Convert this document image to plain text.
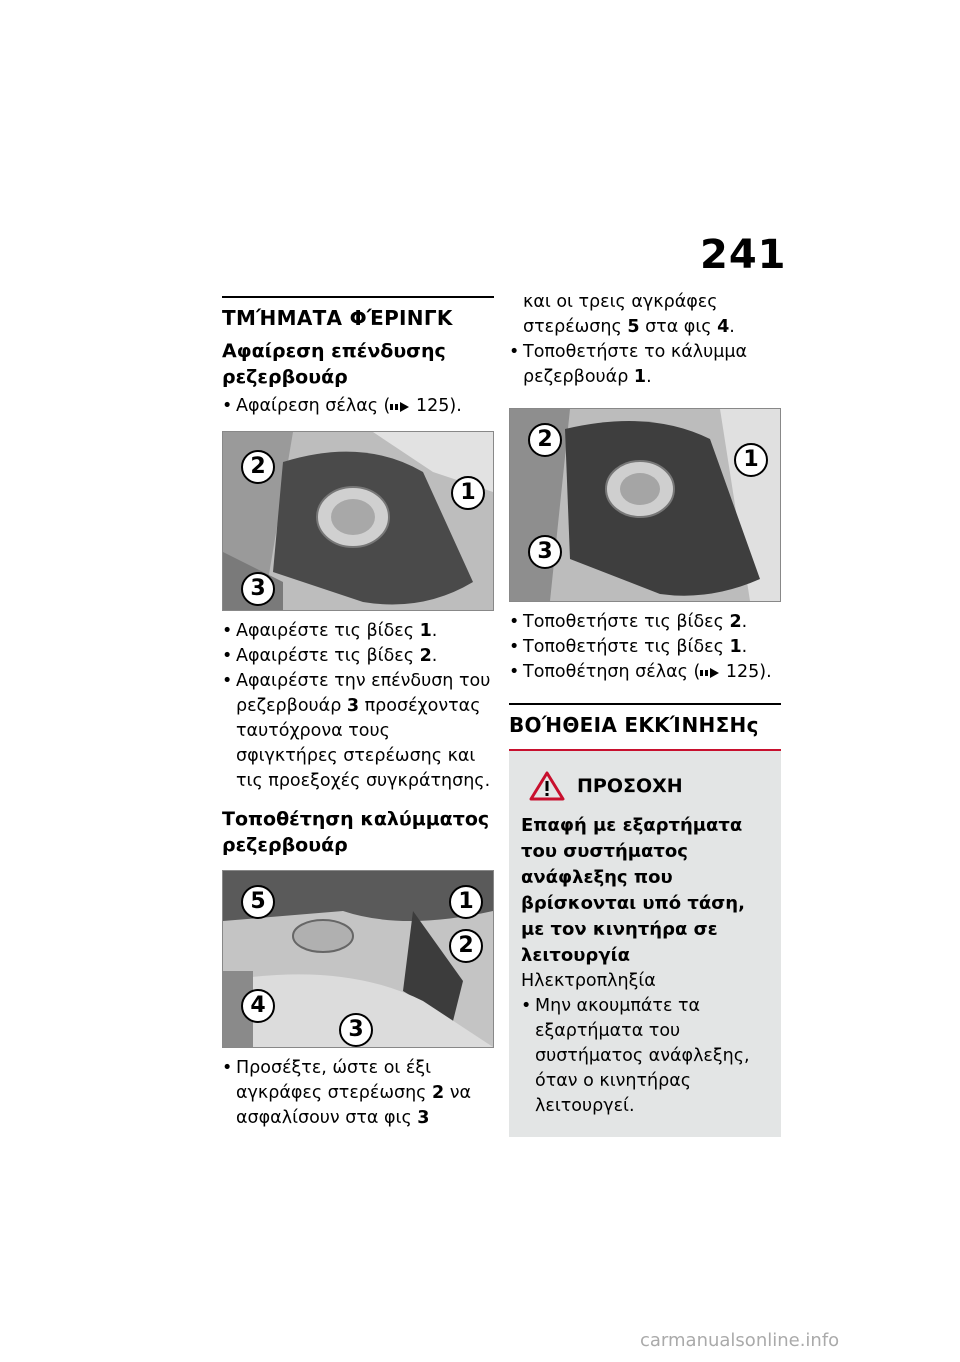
241
ΤΜΉΜΑΤΑ ΦΈΡΙΝΓΚ
Αφαίρεση επένδυσης ρεζερβουάρ

• Αφαίρεση σέλας ( 125).

2
1
3

• Αφαιρέστε τις βίδες 1.

• Αφαιρέστε τις βίδες 2.

• Αφαιρέστε την επένδυση του ρεζερβουάρ 3 προσέχοντας ταυτόχρονα τους σφιγκτήρες στερέωσης και τις προεξοχές συγκράτησης.

Τοποθέτηση καλύμματος ρεζερβουάρ
5	1
2
4
3

• Προσέξτε, ώστε οι έξι αγκράφες στερέωσης 2 να ασφαλίσουν στα φις 3

και οι τρεις αγκράφες στερέωσης 5 στα φις 4.

• Τοποθετήστε το κάλυμμα ρεζερβουάρ 1.

2
1
3

• Τοποθετήστε τις βίδες 2.

• Τοποθετήστε τις βίδες 1.

• Τοποθέτηση σέλας ( 125).

ΒΟΉΘΕΙΑ ΕΚΚΊΝΗΣΗς
ΠΡΟΣΟΧΗ
Επαφή με εξαρτήματα του συστήματος ανάφλεξης που βρίσκονται υπό τάση, με τον κινητήρα σε λειτουργία
Ηλεκτροπληξία

• Μην ακουμπάτε τα εξαρτήματα του συστήματος ανάφλεξης, όταν ο κινητήρας λειτουργεί.

carmanualsonline.info
